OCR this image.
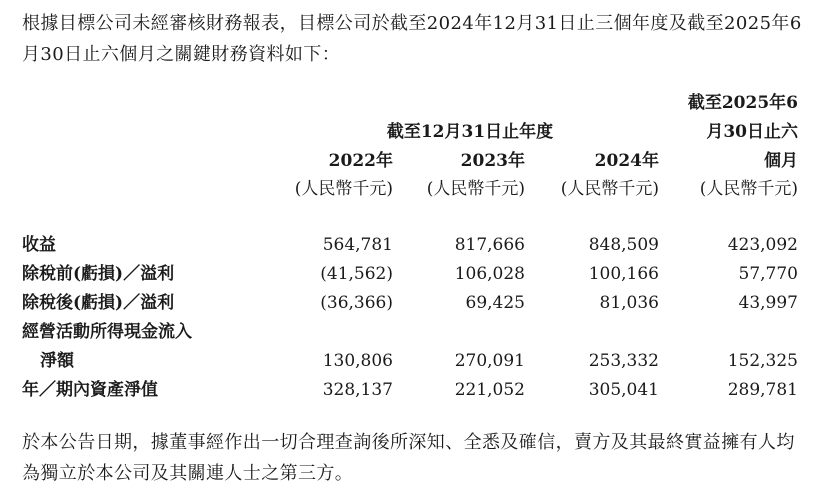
根據目標公司未經審核財務報表，目標公司於截至2024年12月31日止三個年度及截至2025年6月30日止六個月之關鍵財務資料如下：

截至2025年6
月30日止六
截至12月31日止年度
2022年	2023年	2024年	個月
(人民幣千元)	(人民幣千元)	(人民幣千元)	(人民幣千元)
收益	564,781	817,666	848,509	423,092
除稅前(虧損)／溢利	(41,562)	106,028	100,166	57,770
除稅後(虧損)／溢利	(36,366)	69,425	81,036	43,997
經營活動所得現金流入
淨額	130,806	270,091	253,332	152,325
年／期內資產淨值	328,137	221,052	305,041	289,781

於本公告日期，據董事經作出一切合理查詢後所深知、全悉及確信，賣方及其最終實益擁有人均為獨立於本公司及其關連人士之第三方。
